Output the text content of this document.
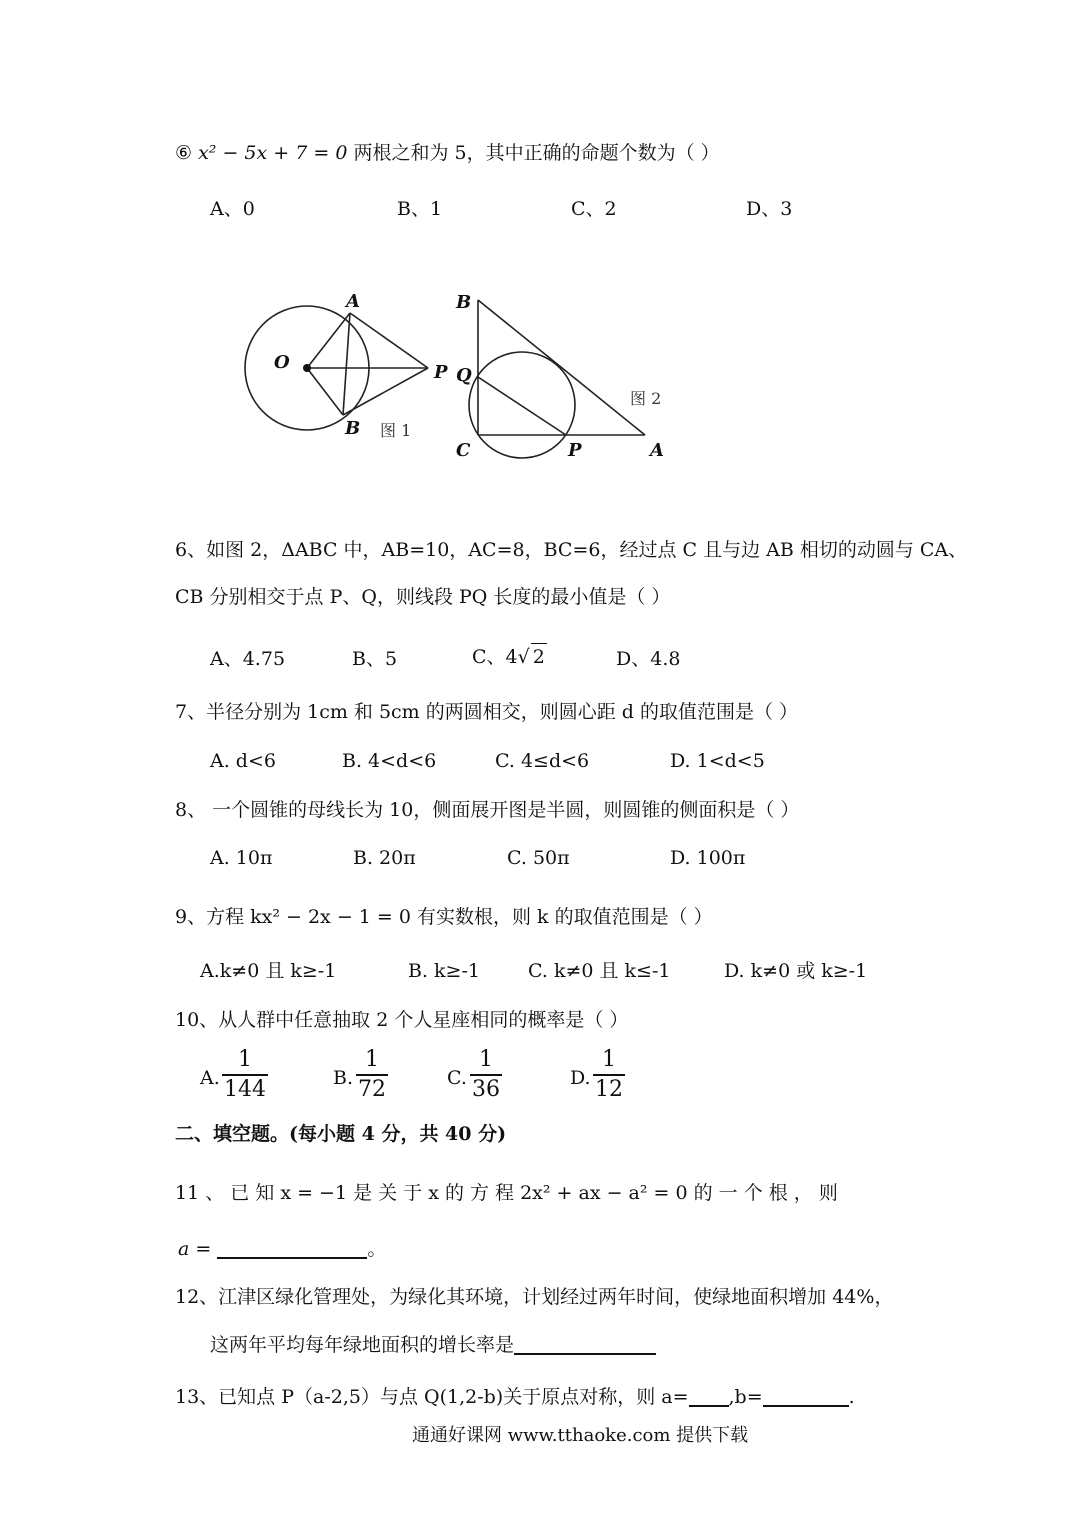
⑥ x² − 5x + 7 = 0 两根之和为 5，其中正确的命题个数为（ ）
A、0	B、1	C、2	D、3
O
A
B
P
图 1
B
Q
C	P	A
图 2
6、如图 2，ΔABC 中，AB=10，AC=8，BC=6，经过点 C 且与边 AB 相切的动圆与 CA、
CB 分别相交于点 P、Q，则线段 PQ 长度的最小值是（ ）
A、4.75	B、5	C、4√ 2	D、4.8
7、半径分别为 1cm 和 5cm 的两圆相交，则圆心距 d 的取值范围是（ ）
A. d<6	B. 4<d<6	C. 4≤d<6	D. 1<d<5
8、 一个圆锥的母线长为 10，侧面展开图是半圆，则圆锥的侧面积是（ ）
A. 10π	B. 20π	C. 50π	D. 100π
9、方程 kx² − 2x − 1 = 0 有实数根，则 k 的取值范围是（ ）
A.k≠0 且 k≥-1	B. k≥-1	C. k≠0 且 k≤-1	D. k≠0 或 k≥-1
10、从人群中任意抽取 2 个人星座相同的概率是（ ）
A.
1
144	B.
1
72	C.
1
36	D.
1
12
二、填空题。(每小题 4 分，共 40 分)
11 、 已 知 x = −1 是 关 于 x 的 方 程 2x² + ax − a² = 0 的 一 个 根 ， 则
a =	。
12、江津区绿化管理处，为绿化其环境，计划经过两年时间，使绿地面积增加 44%，
这两年平均每年绿地面积的增长率是
13、已知点 P（a-2,5）与点 Q(1,2-b)关于原点对称，则 a= ,b=	.
通通好课网 www.tthaoke.com 提供下载
